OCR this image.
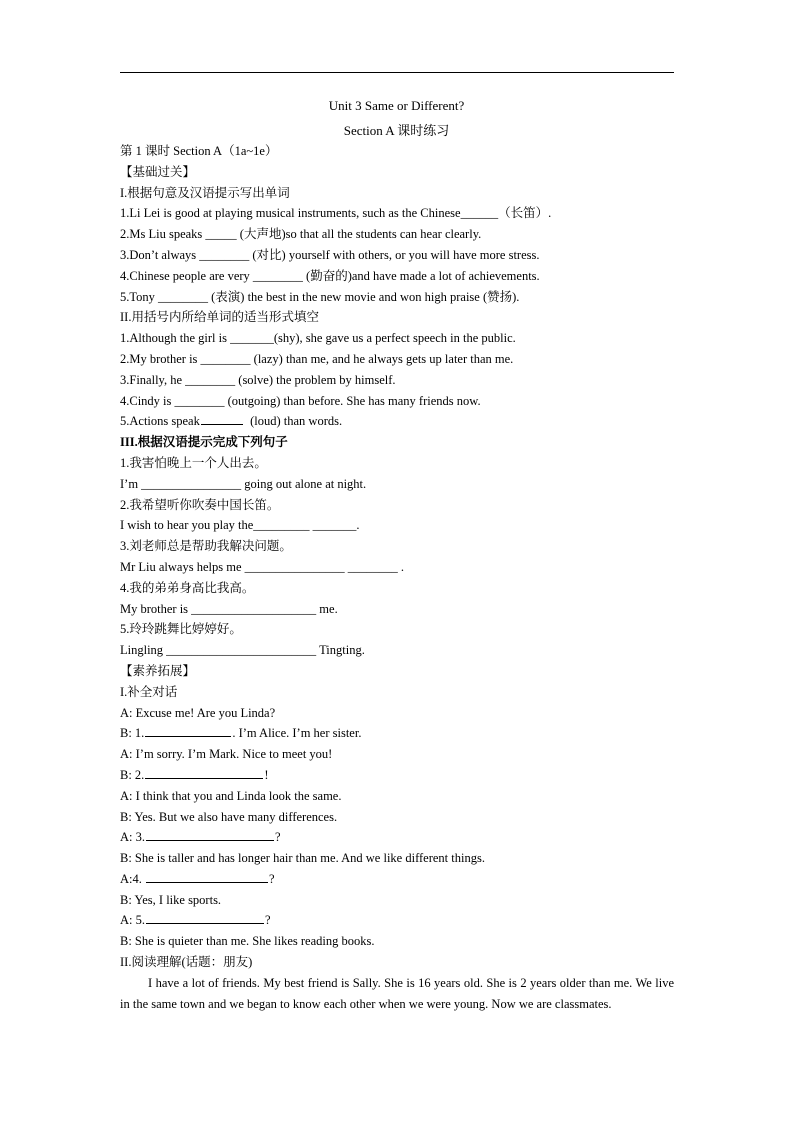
Unit 3 Same or Different?
Section A 课时练习
第 1 课时 Section A（1a~1e）
【基础过关】
I.根据句意及汉语提示写出单词
1.Li Lei is good at playing musical instruments, such as the Chinese______（长笛）.
2.Ms Liu speaks _____ (大声地)so that all the students can hear clearly.
3.Don’t always ________ (对比) yourself with others, or you will have more stress.
4.Chinese people are very ________ (勤奋的)and have made a lot of achievements.
5.Tony ________ (表演) the best in the new movie and won high praise (赞扬).
II.用括号内所给单词的适当形式填空
1.Although the girl is _______(shy), she gave us a perfect speech in the public.
2.My brother is ________ (lazy) than me, and he always gets up later than me.
3.Finally, he ________ (solve) the problem by himself.
4.Cindy is ________ (outgoing) than before. She has many friends now.
5.Actions speak	(loud) than words.
III.根据汉语提示完成下列句子
1.我害怕晚上一个人出去。
I’m ________________ going out alone at night.
2.我希望听你吹奏中国长笛。
I wish to hear you play the_________ _______.
3.刘老师总是帮助我解决问题。
Mr Liu always helps me ________________ ________ .
4.我的弟弟身高比我高。
My brother is ____________________ me.
5.玲玲跳舞比婷婷好。
Lingling ________________________ Tingting.
【素养拓展】
I.补全对话
A: Excuse me! Are you Linda?
B: 1.	. I’m Alice. I’m her sister.
A: I’m sorry. I’m Mark. Nice to meet you!
B: 2.	!
A: I think that you and Linda look the same.
B: Yes. But we also have many differences.
A: 3.	?
B: She is taller and has longer hair than me. And we like different things.
A:4.	?
B: Yes, I like sports.
A: 5.	?
B: She is quieter than me. She likes reading books.
II.阅读理解(话题：朋友)
I have a lot of friends. My best friend is Sally. She is 16 years old. She is 2 years older than me. We live in the same town and we began to know each other when we were young. Now we are classmates.
